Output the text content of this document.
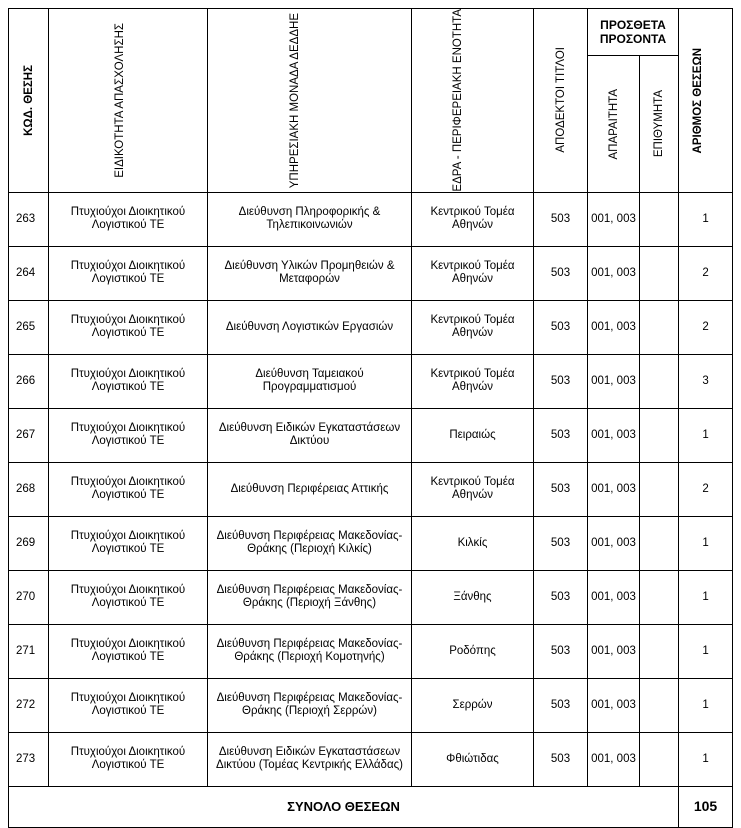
ΚΩΔ. ΘΕΣΗΣ	ΕΙΔΙΚΟΤΗΤΑ ΑΠΑΣΧΟΛΗΣΗΣ	ΥΠΗΡΕΣΙΑΚΗ ΜΟΝΑΔΑ ΔΕΔΔΗΕ	ΕΔΡΑ - ΠΕΡΙΦΕΡΕΙΑΚΗ ΕΝΟΤΗΤΑ	ΑΠΟΔΕΚΤΟΙ ΤΙΤΛΟΙ	ΠΡΟΣΘΕΤΑ ΠΡΟΣΟΝΤΑ		ΑΡΙΘΜΟΣ ΘΕΣΕΩΝ

					ΑΠΑΡΑΙΤΗΤΑ	ΕΠΙΘΥΜΗΤΑ	

263	Πτυχιούχοι Διοικητικού Λογιστικού ΤΕ	Διεύθυνση Πληροφορικής & Τηλεπικοινωνιών	Κεντρικού Τομέα Αθηνών	503	001, 003		1
264	Πτυχιούχοι Διοικητικού Λογιστικού ΤΕ	Διεύθυνση Υλικών Προμηθειών & Μεταφορών	Κεντρικού Τομέα Αθηνών	503	001, 003		2
265	Πτυχιούχοι Διοικητικού Λογιστικού ΤΕ	Διεύθυνση Λογιστικών Εργασιών	Κεντρικού Τομέα Αθηνών	503	001, 003		2
266	Πτυχιούχοι Διοικητικού Λογιστικού ΤΕ	Διεύθυνση Ταμειακού Προγραμματισμού	Κεντρικού Τομέα Αθηνών	503	001, 003		3
267	Πτυχιούχοι Διοικητικού Λογιστικού ΤΕ	Διεύθυνση Ειδικών Εγκαταστάσεων Δικτύου	Πειραιώς	503	001, 003		1
268	Πτυχιούχοι Διοικητικού Λογιστικού ΤΕ	Διεύθυνση Περιφέρειας Αττικής	Κεντρικού Τομέα Αθηνών	503	001, 003		2
269	Πτυχιούχοι Διοικητικού Λογιστικού ΤΕ	Διεύθυνση Περιφέρειας Μακεδονίας-Θράκης (Περιοχή Κιλκίς)	Κιλκίς	503	001, 003		1
270	Πτυχιούχοι Διοικητικού Λογιστικού ΤΕ	Διεύθυνση Περιφέρειας Μακεδονίας-Θράκης (Περιοχή Ξάνθης)	Ξάνθης	503	001, 003		1
271	Πτυχιούχοι Διοικητικού Λογιστικού ΤΕ	Διεύθυνση Περιφέρειας Μακεδονίας-Θράκης (Περιοχή Κομοτηνής)	Ροδόπης	503	001, 003		1
272	Πτυχιούχοι Διοικητικού Λογιστικού ΤΕ	Διεύθυνση Περιφέρειας Μακεδονίας-Θράκης (Περιοχή Σερρών)	Σερρών	503	001, 003		1
273	Πτυχιούχοι Διοικητικού Λογιστικού ΤΕ	Διεύθυνση Ειδικών Εγκαταστάσεων Δικτύου (Τομέας Κεντρικής Ελλάδας)	Φθιώτιδας	503	001, 003		1
ΣΥΝΟΛΟ ΘΕΣΕΩΝ							105
